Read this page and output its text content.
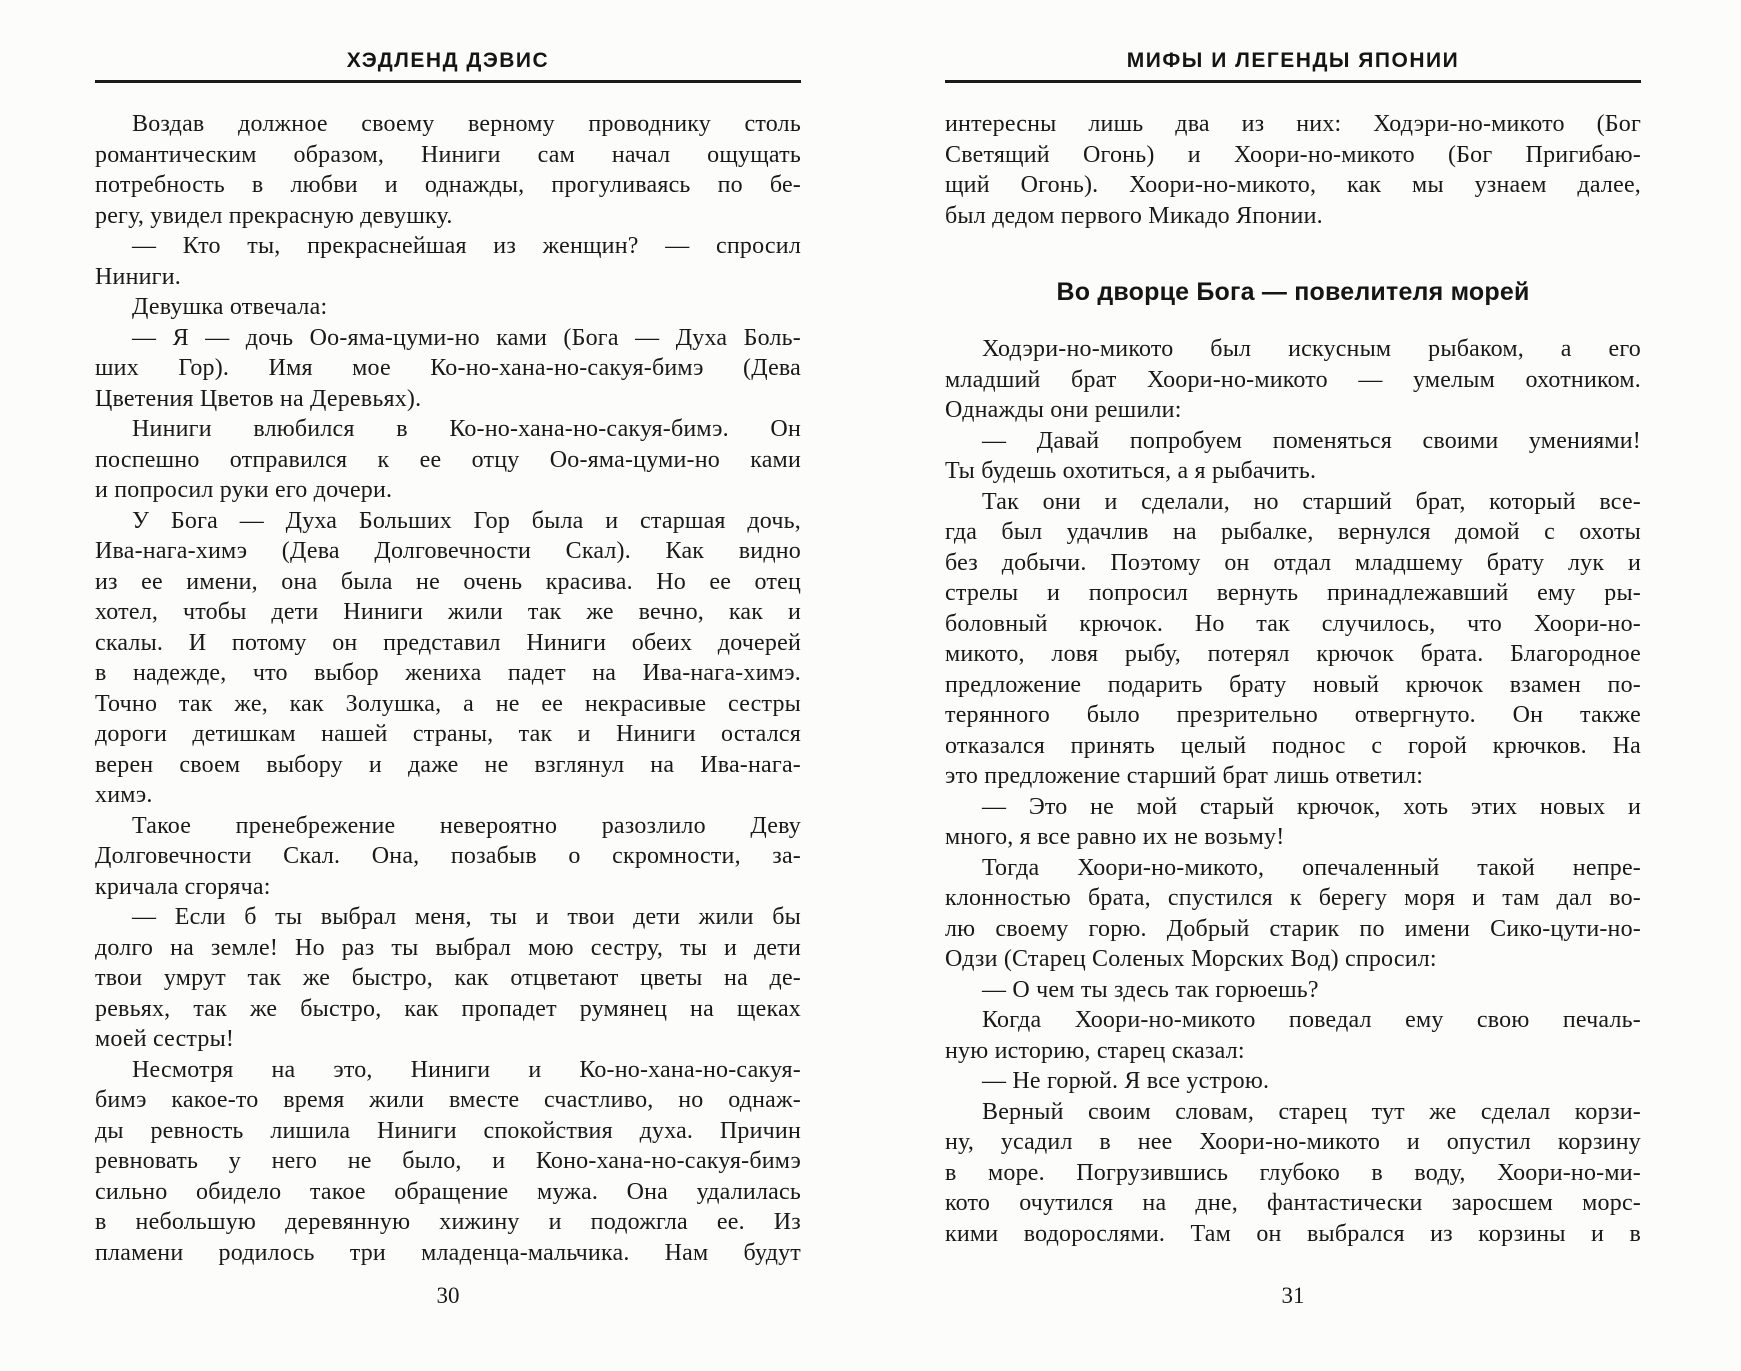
ХЭДЛЕНД ДЭВИС
Воздав должное своему верному проводнику столь
романтическим образом, Ниниги сам начал ощущать
потребность в любви и однажды, прогуливаясь по бе-
регу, увидел прекрасную девушку.
— Кто ты, прекраснейшая из женщин? — спросил
Ниниги.
Девушка отвечала:
— Я — дочь Оо-яма-цуми-но ками (Бога — Духа Боль-
ших Гор). Имя мое Ко-но-хана-но-сакуя-бимэ (Дева
Цветения Цветов на Деревьях).
Ниниги влюбился в Ко-но-хана-но-сакуя-бимэ. Он
поспешно отправился к ее отцу Оо-яма-цуми-но ками
и попросил руки его дочери.
У Бога — Духа Больших Гор была и старшая дочь,
Ива-нага-химэ (Дева Долговечности Скал). Как видно
из ее имени, она была не очень красива. Но ее отец
хотел, чтобы дети Ниниги жили так же вечно, как и
скалы. И потому он представил Ниниги обеих дочерей
в надежде, что выбор жениха падет на Ива-нага-химэ.
Точно так же, как Золушка, а не ее некрасивые сестры
дороги детишкам нашей страны, так и Ниниги остался
верен своем выбору и даже не взглянул на Ива-нага-
химэ.
Такое пренебрежение невероятно разозлило Деву
Долговечности Скал. Она, позабыв о скромности, за-
кричала сгоряча:
— Если б ты выбрал меня, ты и твои дети жили бы
долго на земле! Но раз ты выбрал мою сестру, ты и дети
твои умрут так же быстро, как отцветают цветы на де-
ревьях, так же быстро, как пропадет румянец на щеках
моей сестры!
Несмотря на это, Ниниги и Ко-но-хана-но-сакуя-
бимэ какое-то время жили вместе счастливо, но однаж-
ды ревность лишила Ниниги спокойствия духа. Причин
ревновать у него не было, и Коно-хана-но-сакуя-бимэ
сильно обидело такое обращение мужа. Она удалилась
в небольшую деревянную хижину и подожгла ее. Из
пламени родилось три младенца-мальчика. Нам будут
30
МИФЫ И ЛЕГЕНДЫ ЯПОНИИ
интересны лишь два из них: Ходэри-но-микото (Бог
Светящий Огонь) и Хоори-но-микото (Бог Пригибаю-
щий Огонь). Хоори-но-микото, как мы узнаем далее,
был дедом первого Микадо Японии.
Во дворце Бога — повелителя морей
Ходэри-но-микото был искусным рыбаком, а его
младший брат Хоори-но-микото — умелым охотником.
Однажды они решили:
— Давай попробуем поменяться своими умениями!
Ты будешь охотиться, а я рыбачить.
Так они и сделали, но старший брат, который все-
гда был удачлив на рыбалке, вернулся домой с охоты
без добычи. Поэтому он отдал младшему брату лук и
стрелы и попросил вернуть принадлежавший ему ры-
боловный крючок. Но так случилось, что Хоори-но-
микото, ловя рыбу, потерял крючок брата. Благородное
предложение подарить брату новый крючок взамен по-
терянного было презрительно отвергнуто. Он также
отказался принять целый поднос с горой крючков. На
это предложение старший брат лишь ответил:
— Это не мой старый крючок, хоть этих новых и
много, я все равно их не возьму!
Тогда Хоори-но-микото, опечаленный такой непре-
клонностью брата, спустился к берегу моря и там дал во-
лю своему горю. Добрый старик по имени Сико-цути-но-
Одзи (Старец Соленых Морских Вод) спросил:
— О чем ты здесь так горюешь?
Когда Хоори-но-микото поведал ему свою печаль-
ную историю, старец сказал:
— Не горюй. Я все устрою.
Верный своим словам, старец тут же сделал корзи-
ну, усадил в нее Хоори-но-микото и опустил корзину
в море. Погрузившись глубоко в воду, Хоори-но-ми-
кото очутился на дне, фантастически заросшем морс-
кими водорослями. Там он выбрался из корзины и в
31
